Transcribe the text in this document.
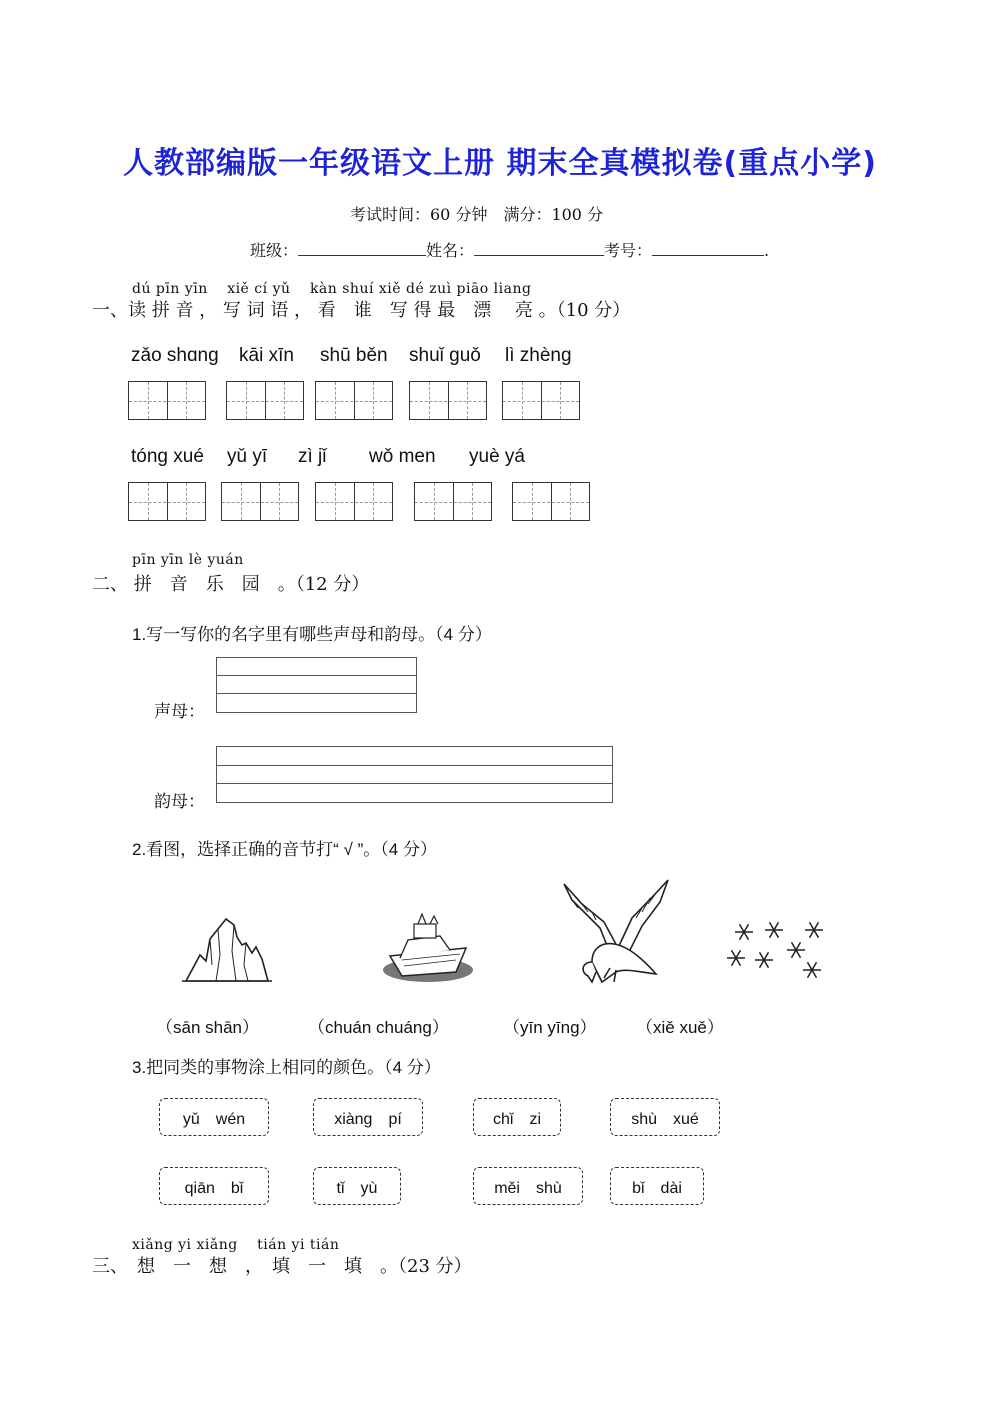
人教部编版一年级语文上册 期末全真模拟卷(重点小学)
考试时间：60 分钟　满分：100 分
班级：	姓名：	考号：	.
dú pīn yīn　 xiě cí yǔ　 kàn shuí xiě dé zuì piāo liang
一、读 拼 音 ， 写 词 语 ， 看　谁　写 得 最　漂　 亮 。（10 分）
zǎo shɑng kāi xīn shū běn shuǐ guǒ lì zhèng
tóng xué yǔ yī zì jǐ wǒ men yuè yá
pīn yīn lè yuán
二、 拼　音　乐　园　。（12 分）
1.写一写你的名字里有哪些声母和韵母。（4 分）
声母：
韵母：
2.看图，选择正确的音节打“ √ ”。（4 分）
（sān shān）	（chuán chuáng）	（yīn yīng） （xiě xuě）
3.把同类的事物涂上相同的颜色。（4 分）
yǔ　wén	xiàng　pí	chǐ　zi	shù　xué
qiān　bǐ	tǐ　yù	měi　shù	bǐ　dài
xiǎng yi xiǎng　 tián yi tián
三、　想　一　想　，　填　一　填　。（23 分）
